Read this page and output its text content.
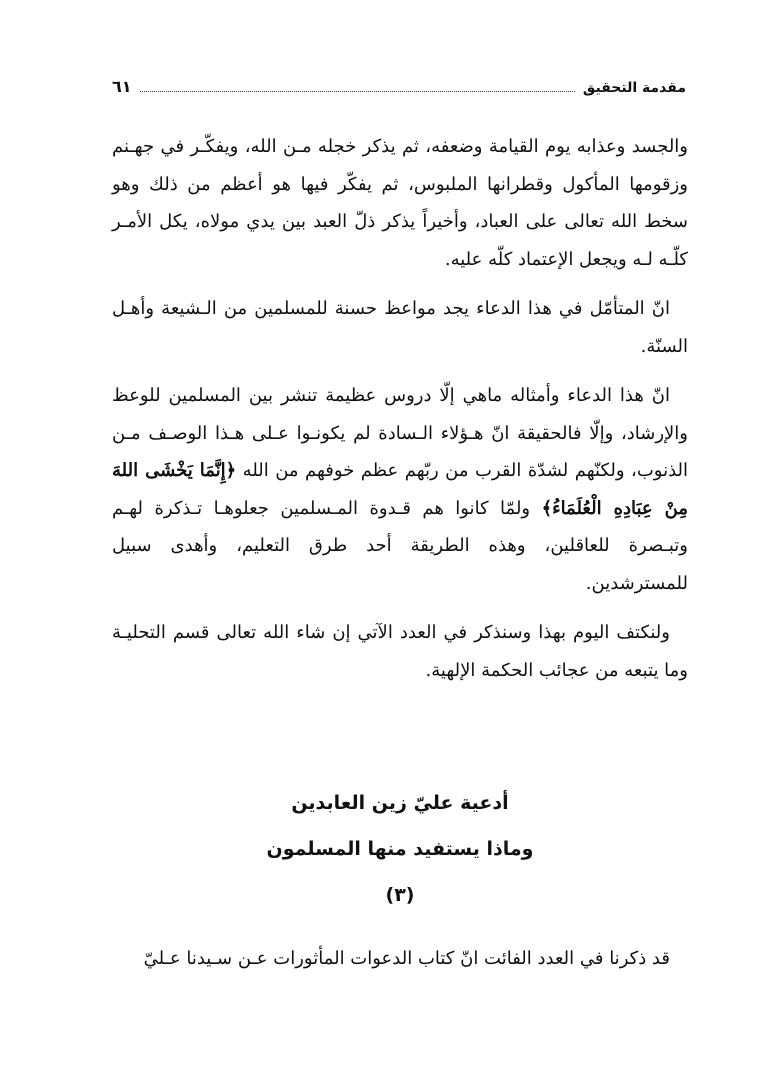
مقدمة التحقيق
٦١

والجسد وعذابه يوم القيامة وضعفه، ثم يذكر خجله مـن الله، ويفكّـر في جهـنم وزقومها المأكول وقطرانها الملبوس، ثم يفكّر فيها هو أعظم من ذلك وهو سخط الله تعالى على العباد، وأخيراً يذكر ذلّ العبد بين يدي مولاه، يكل الأمـر كلّـه لـه ويجعل الإعتماد كلّه عليه.

انّ المتأمّل في هذا الدعاء يجد مواعظ حسنة للمسلمين من الـشيعة وأهـل السنّة.

انّ هذا الدعاء وأمثاله ماهي إلّا دروس عظيمة تنشر بين المسلمين للوعظ والإرشاد، وإلّا فالحقيقة انّ هـؤلاء الـسادة لم يكونـوا عـلى هـذا الوصـف مـن الذنوب، ولكنّهم لشدّة القرب من ربّهم عظم خوفهم من الله ﴿إِنَّمَا يَخْشَى اللهَ مِنْ عِبَادِهِ الْعُلَمَاءُ﴾ ولمّا كانوا هم قـدوة المـسلمين جعلوهـا تـذكرة لهـم وتبـصرة للعاقلين، وهذه الطريقة أحد طرق التعليم، وأهدى سبيل للمسترشدين.

ولنكتف اليوم بهذا وسنذكر في العدد الآتي إن شاء الله تعالى قسم التحليـة وما يتبعه من عجائب الحكمة الإلهية.

أدعية عليّ زين العابدين
وماذا يستفيد منها المسلمون
(٣)
قد ذكرنا في العدد الفائت انّ كتاب الدعوات المأثورات عـن سـيدنا عـليّ
